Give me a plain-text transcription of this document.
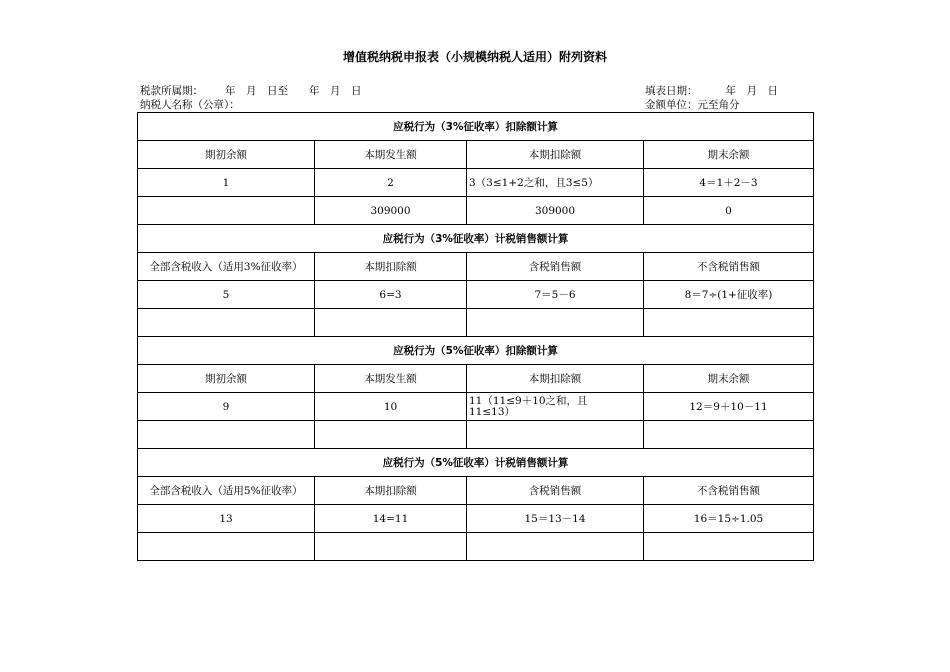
增值税纳税申报表（小规模纳税人适用）附列资料
税款所属期： 年　月　日至　　年　月　日	填表日期：	年　月　日
纳税人名称（公章）：	金额单位：元至角分
应税行为（3%征收率）扣除额计算			
期初余额	本期发生额	本期扣除额	期末余额
1	2	3（3≤1+2之和，且3≤5）	4＝1＋2－3
	309000	309000	0
应税行为（3%征收率）计税销售额计算			
全部含税收入（适用3%征收率）	本期扣除额	含税销售额	不含税销售额
5	6=3	7＝5－6	8＝7÷(1+征收率)

应税行为（5%征收率）扣除额计算			
期初余额	本期发生额	本期扣除额	期末余额
9	10	11（11≤9＋10之和，且11≤13）	12＝9＋10－11

应税行为（5%征收率）计税销售额计算			
全部含税收入（适用5%征收率）	本期扣除额	含税销售额	不含税销售额
13	14=11	15＝13－14	16＝15÷1.05
